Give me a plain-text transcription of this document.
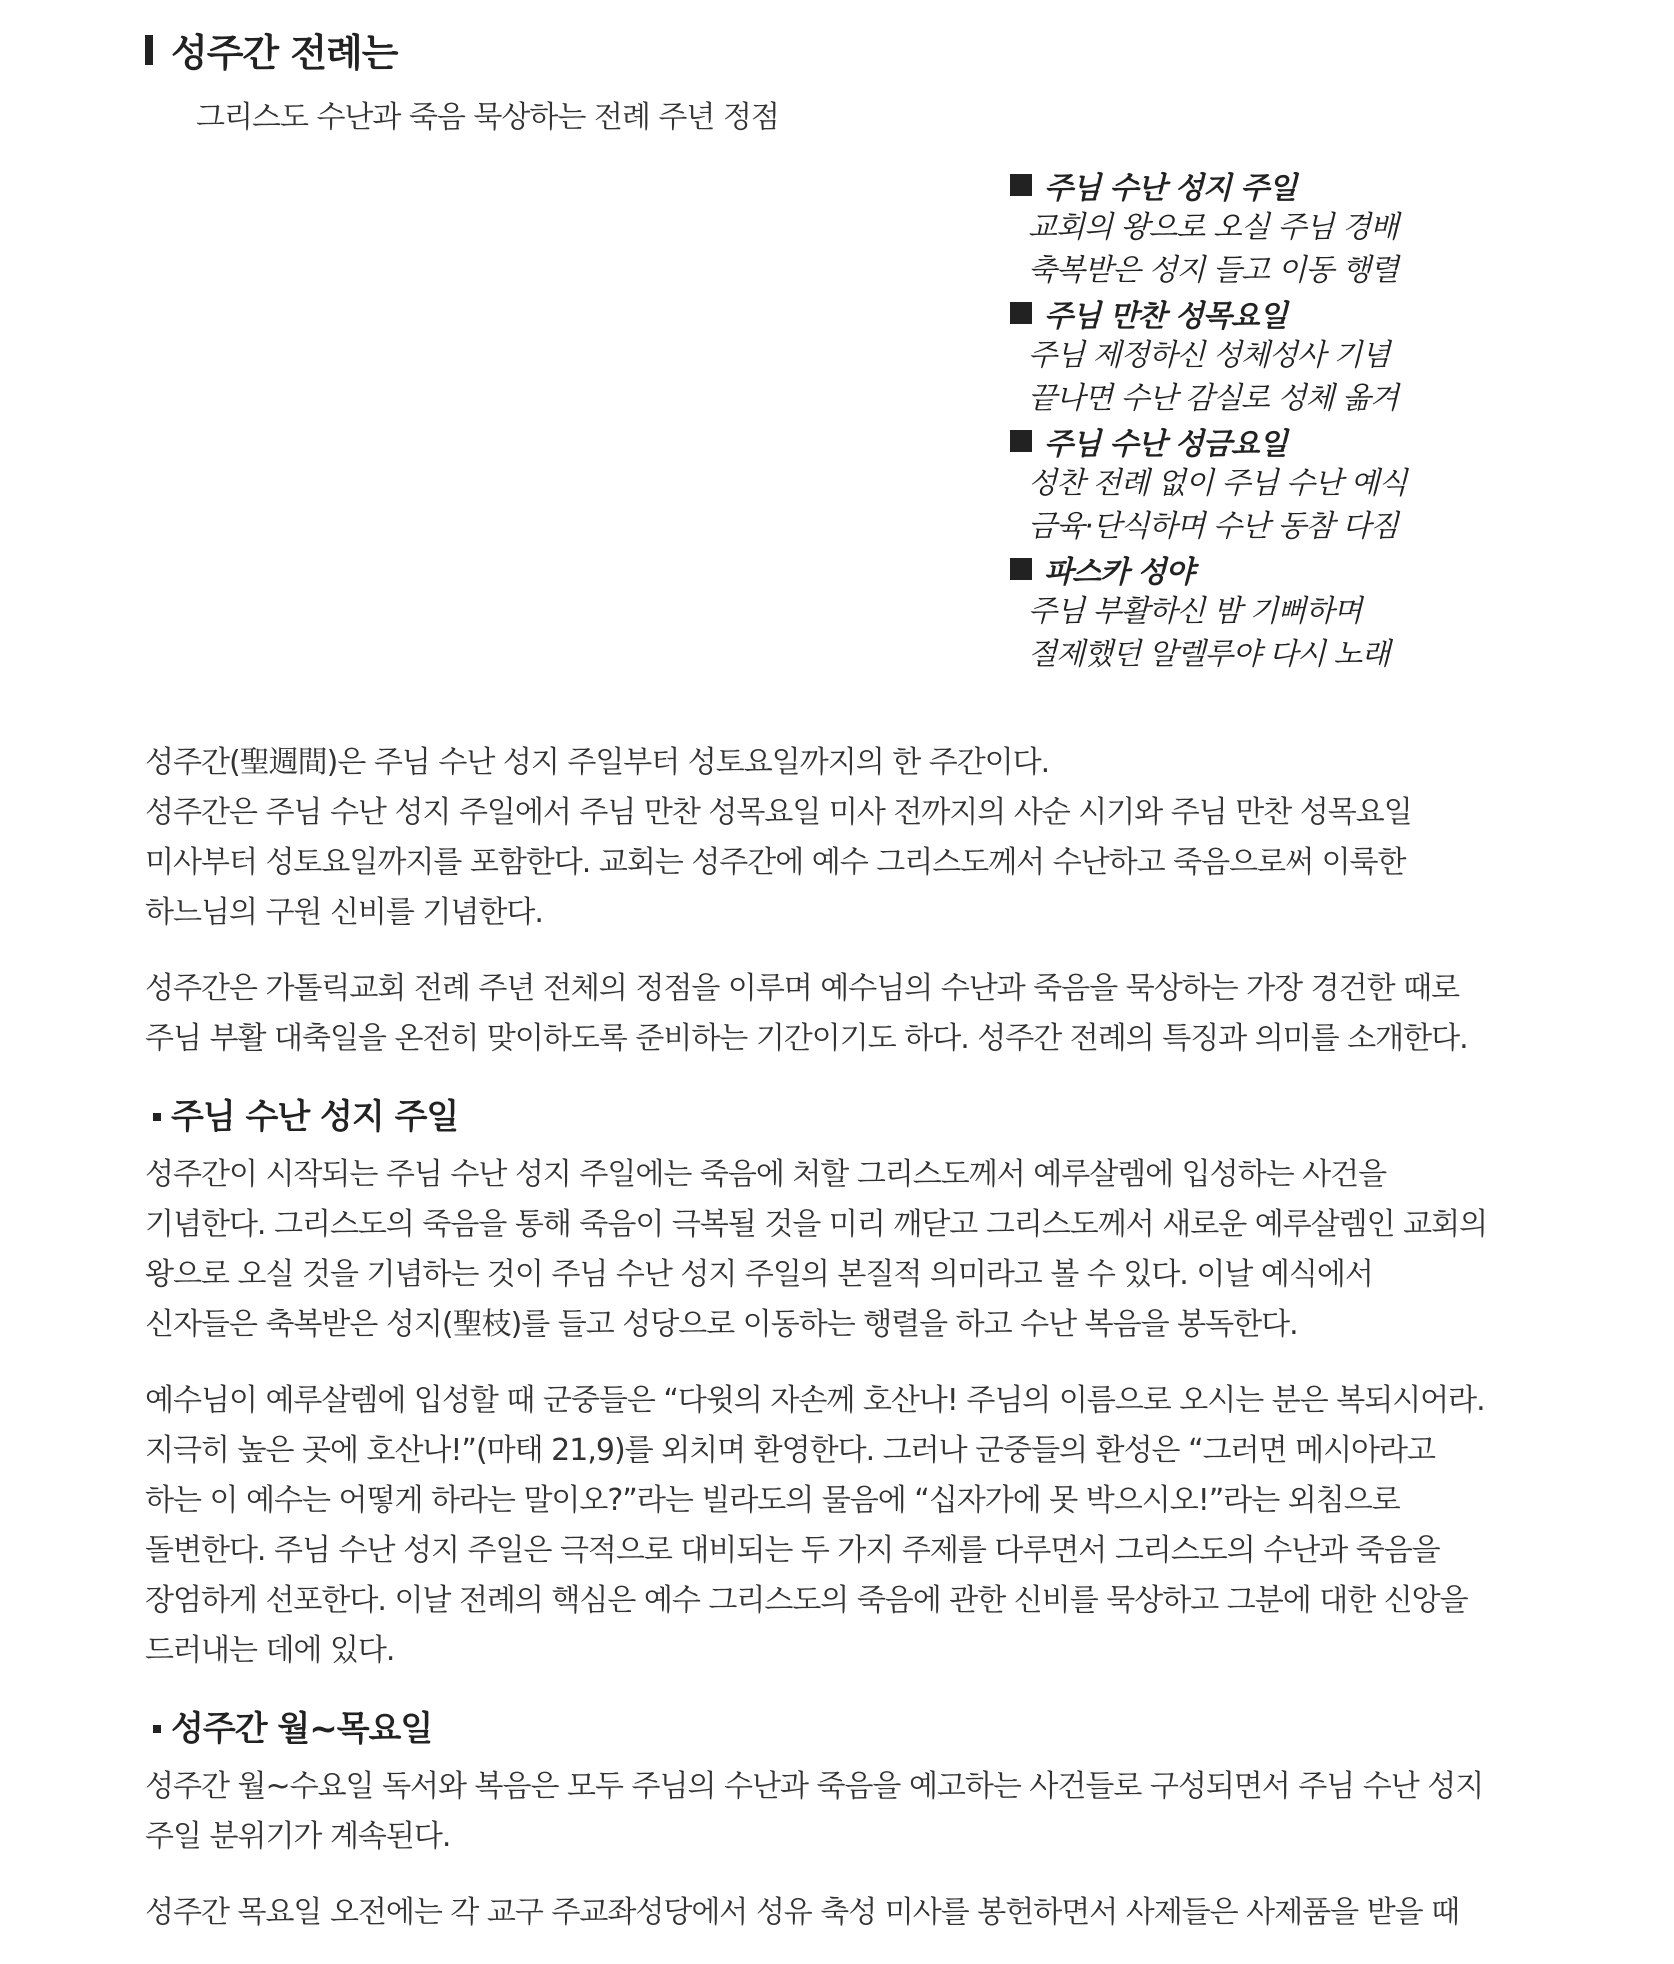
성주간 전례는
그리스도 수난과 죽음 묵상하는 전례 주년 정점
주님 수난 성지 주일
교회의 왕으로 오실 주님 경배
축복받은 성지 들고 이동 행렬
주님 만찬 성목요일
주님 제정하신 성체성사 기념
끝나면 수난 감실로 성체 옮겨
주님 수난 성금요일
성찬 전례 없이 주님 수난 예식
금육·단식하며 수난 동참 다짐
파스카 성야
주님 부활하신 밤 기뻐하며
절제했던 알렐루야 다시 노래
성주간(聖週間)은 주님 수난 성지 주일부터 성토요일까지의 한 주간이다.
성주간은 주님 수난 성지 주일에서 주님 만찬 성목요일 미사 전까지의 사순 시기와 주님 만찬 성목요일
미사부터 성토요일까지를 포함한다. 교회는 성주간에 예수 그리스도께서 수난하고 죽음으로써 이룩한
하느님의 구원 신비를 기념한다.
성주간은 가톨릭교회 전례 주년 전체의 정점을 이루며 예수님의 수난과 죽음을 묵상하는 가장 경건한 때로
주님 부활 대축일을 온전히 맞이하도록 준비하는 기간이기도 하다. 성주간 전례의 특징과 의미를 소개한다.
주님 수난 성지 주일
성주간이 시작되는 주님 수난 성지 주일에는 죽음에 처할 그리스도께서 예루살렘에 입성하는 사건을
기념한다. 그리스도의 죽음을 통해 죽음이 극복될 것을 미리 깨닫고 그리스도께서 새로운 예루살렘인 교회의
왕으로 오실 것을 기념하는 것이 주님 수난 성지 주일의 본질적 의미라고 볼 수 있다. 이날 예식에서
신자들은 축복받은 성지(聖枝)를 들고 성당으로 이동하는 행렬을 하고 수난 복음을 봉독한다.
예수님이 예루살렘에 입성할 때 군중들은 “다윗의 자손께 호산나! 주님의 이름으로 오시는 분은 복되시어라.
지극히 높은 곳에 호산나!”(마태 21,9)를 외치며 환영한다. 그러나 군중들의 환성은 “그러면 메시아라고
하는 이 예수는 어떻게 하라는 말이오?”라는 빌라도의 물음에 “십자가에 못 박으시오!”라는 외침으로
돌변한다. 주님 수난 성지 주일은 극적으로 대비되는 두 가지 주제를 다루면서 그리스도의 수난과 죽음을
장엄하게 선포한다. 이날 전례의 핵심은 예수 그리스도의 죽음에 관한 신비를 묵상하고 그분에 대한 신앙을
드러내는 데에 있다.
성주간 월~목요일
성주간 월~수요일 독서와 복음은 모두 주님의 수난과 죽음을 예고하는 사건들로 구성되면서 주님 수난 성지
주일 분위기가 계속된다.
성주간 목요일 오전에는 각 교구 주교좌성당에서 성유 축성 미사를 봉헌하면서 사제들은 사제품을 받을 때
